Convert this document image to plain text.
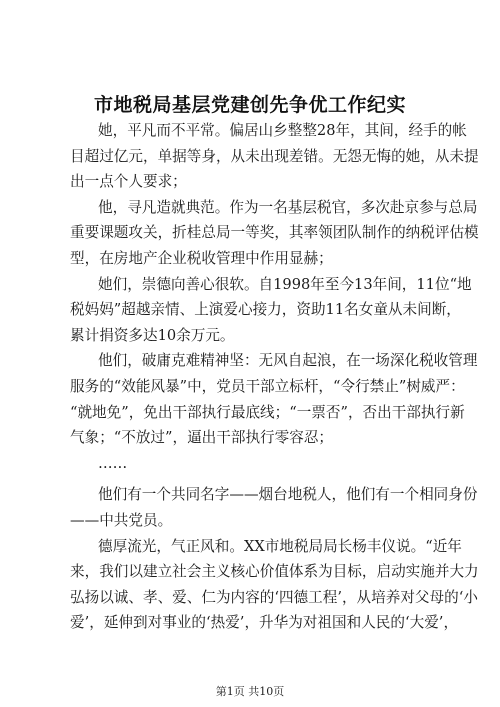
市地税局基层党建创先争优工作纪实
她，平凡而不平常。偏居山乡整整28年，其间，经手的帐
目超过亿元，单据等身，从未出现差错。无怨无悔的她，从未提
出一点个人要求；
他，寻凡造就典范。作为一名基层税官，多次赴京参与总局
重要课题攻关，折桂总局一等奖，其率领团队制作的纳税评估模
型，在房地产企业税收管理中作用显赫；
她们，崇德向善心很软。自1998年至今13年间，11位“地
税妈妈”超越亲情、上演爱心接力，资助11名女童从未间断，
累计捐资多达10余万元。
他们，破庸克难精神坚：无风自起浪，在一场深化税收管理
服务的“效能风暴”中，党员干部立标杆，“令行禁止”树威严：
“就地免”，免出干部执行最底线；“一票否”，否出干部执行新
气象；“不放过”，逼出干部执行零容忍；
……
他们有一个共同名字——烟台地税人，他们有一个相同身份
——中共党员。
德厚流光，气正风和。XX市地税局局长杨丰仪说。“近年
来，我们以建立社会主义核心价值体系为目标，启动实施并大力
弘扬以诚、孝、爱、仁为内容的‘四德工程’，从培养对父母的‘小
爱’，延伸到对事业的‘热爱’，升华为对祖国和人民的‘大爱’，
第1页 共10页
